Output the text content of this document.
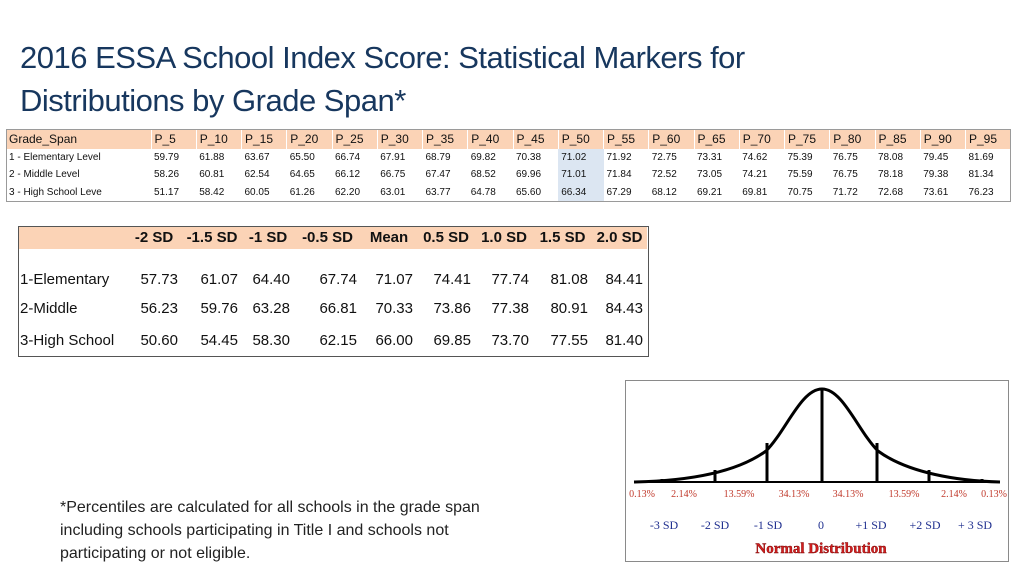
2016 ESSA School Index Score: Statistical Markers for
Distributions by Grade Span*
Grade_Span	P_5	P_10	P_15	P_20	P_25	P_30	P_35	P_40	P_45	P_50	P_55	P_60	P_65	P_70	P_75	P_80	P_85	P_90	P_95
1 - Elementary Level	59.79	61.88	63.67	65.50	66.74	67.91	68.79	69.82	70.38	71.02	71.92	72.75	73.31	74.62	75.39	76.75	78.08	79.45	81.69
2 - Middle Level	58.26	60.81	62.54	64.65	66.12	66.75	67.47	68.52	69.96	71.01	71.84	72.52	73.05	74.21	75.59	76.75	78.18	79.38	81.34
3 - High School Leve	51.17	58.42	60.05	61.26	62.20	63.01	63.77	64.78	65.60	66.34	67.29	68.12	69.21	69.81	70.75	71.72	72.68	73.61	76.23
	-2 SD	-1.5 SD	-1 SD	-0.5 SD	Mean	0.5 SD	1.0 SD	1.5 SD	2.0 SD

1-Elementary	57.73	61.07	64.40	67.74	71.07	74.41	77.74	81.08	84.41
2-Middle	56.23	59.76	63.28	66.81	70.33	73.86	77.38	80.91	84.43
3-High School	50.60	54.45	58.30	62.15	66.00	69.85	73.70	77.55	81.40

*Percentiles are calculated for all schools in the grade span including schools participating in Title I and schools not participating or not eligible.

0.13% 2.14%	13.59% 34.13% 34.13%	13.59% 2.14% 0.13%
-3 SD -2 SD -1 SD	0	+1 SD +2 SD + 3 SD
Normal Distribution
